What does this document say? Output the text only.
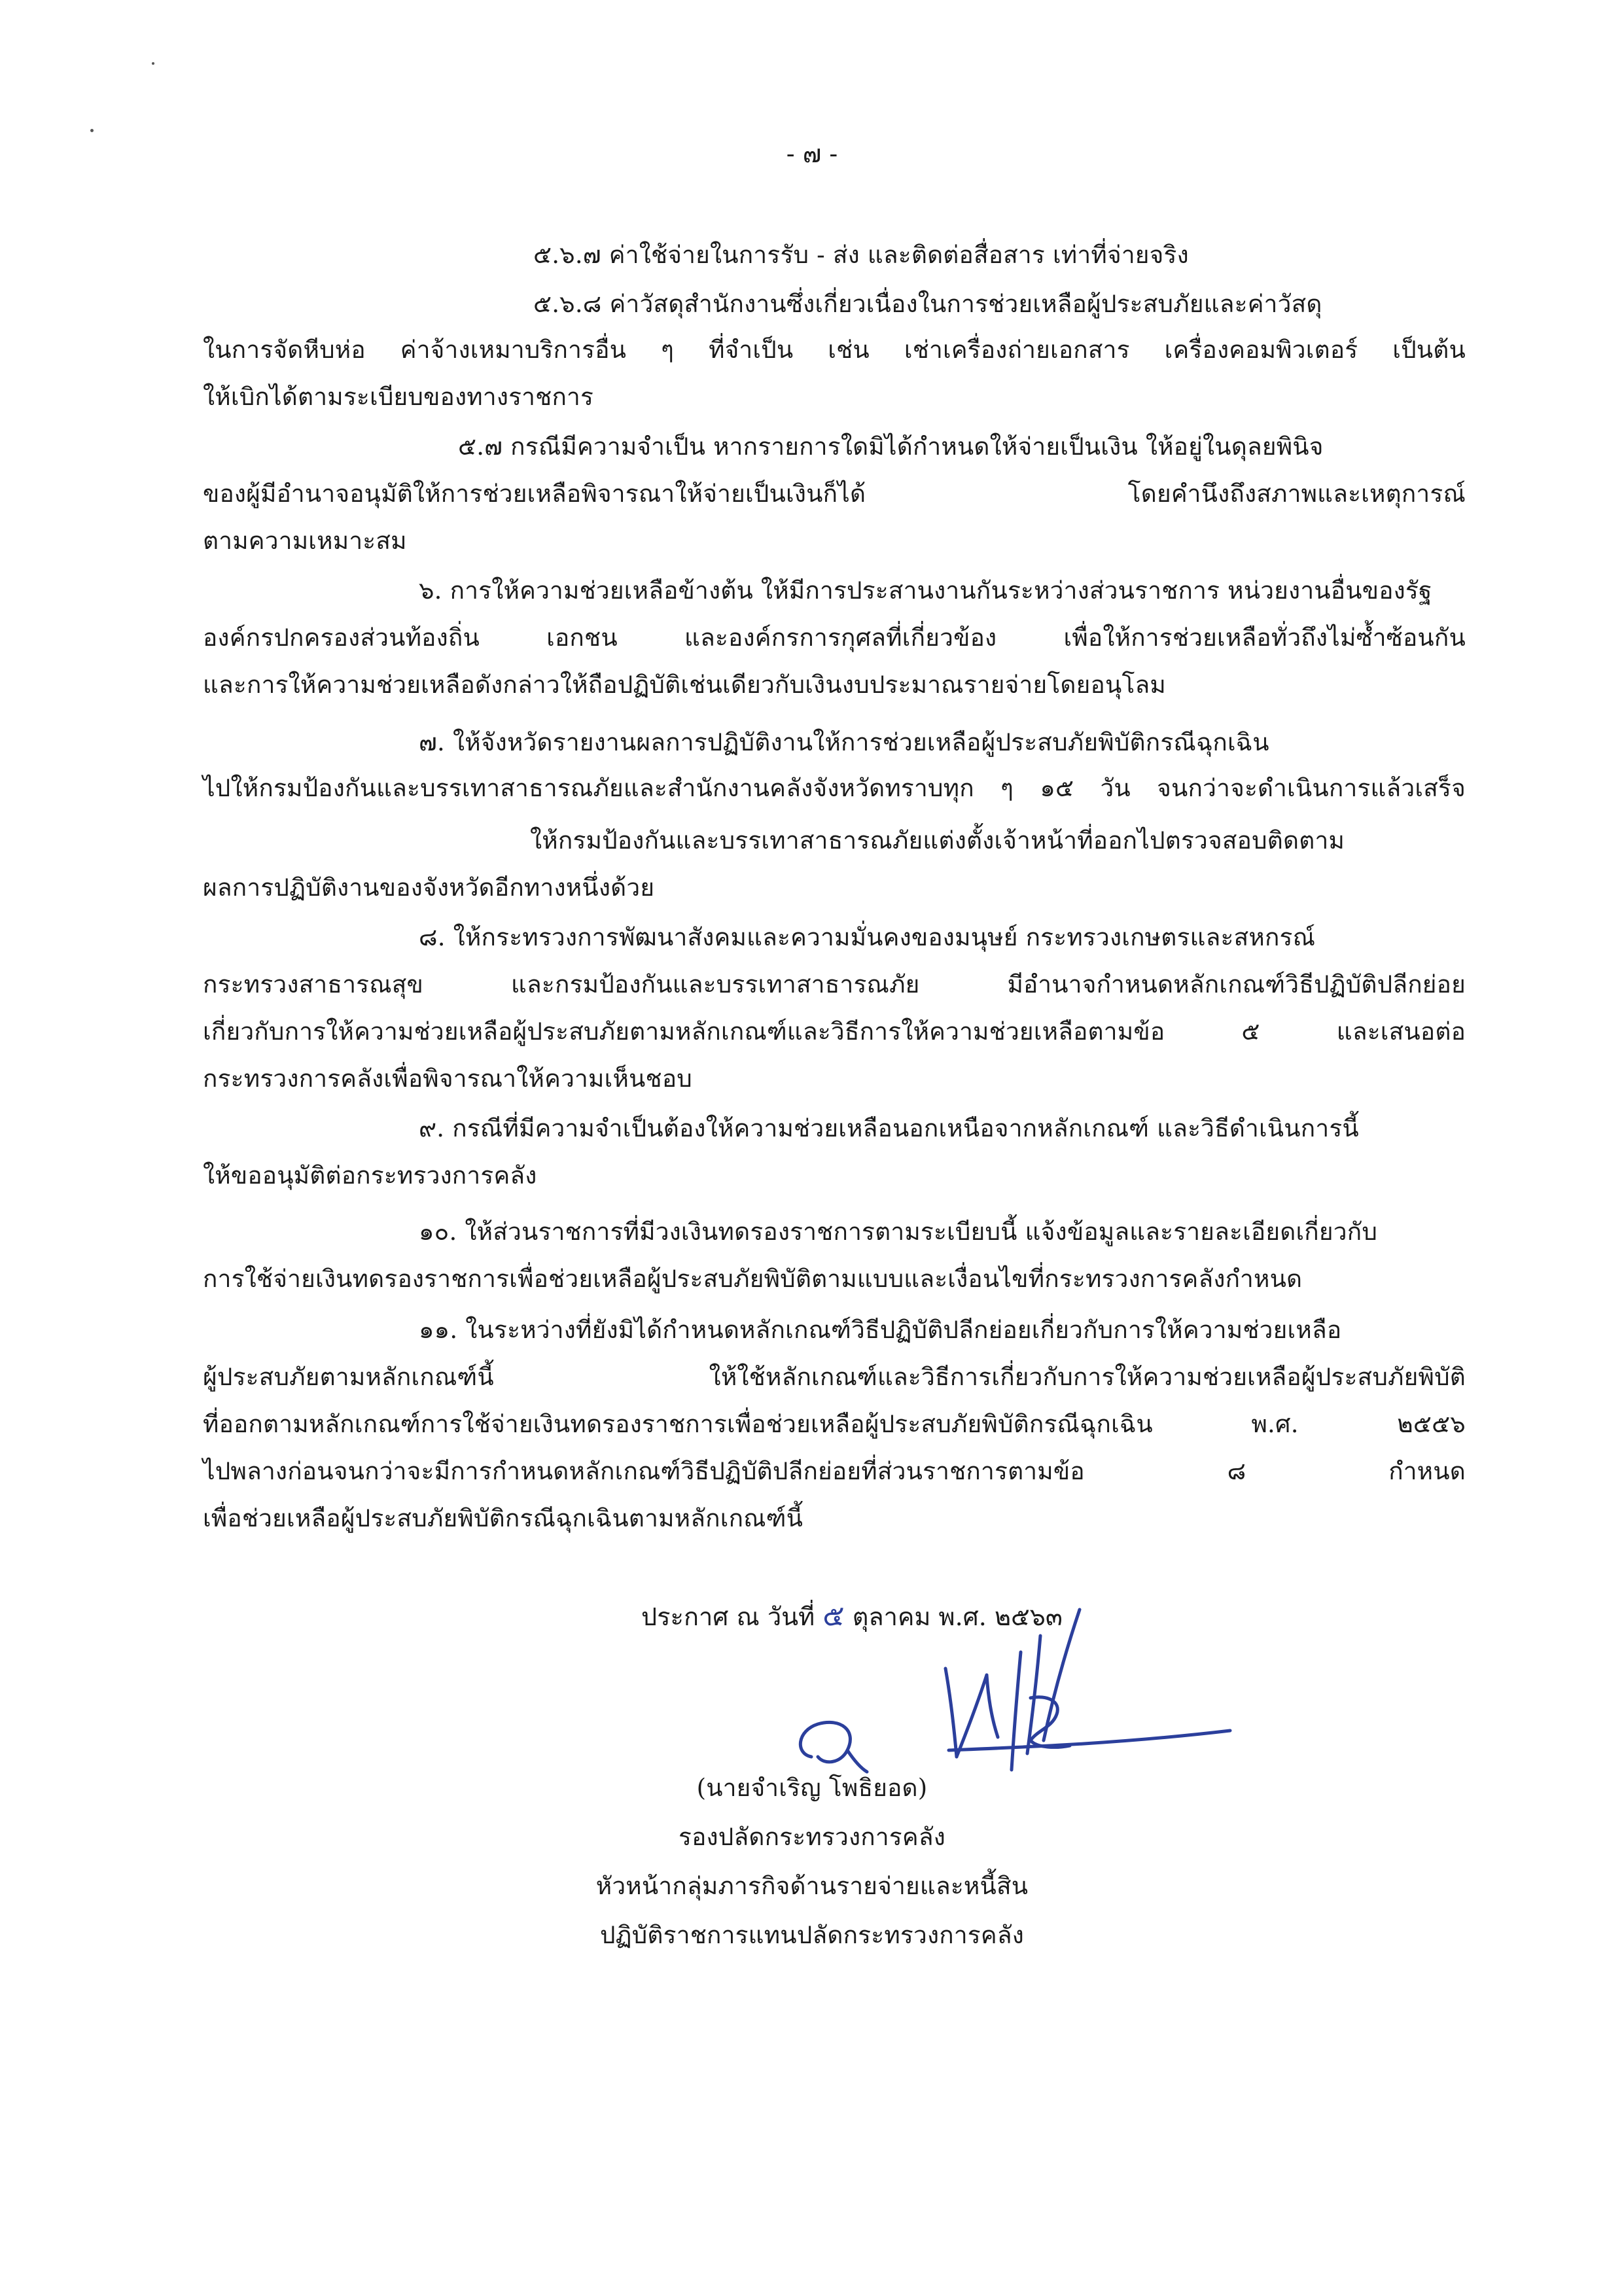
- ๗ -

๕.๖.๗ ค่าใช้จ่ายในการรับ - ส่ง และติดต่อสื่อสาร เท่าที่จ่ายจริง

๕.๖.๘ ค่าวัสดุสำนักงานซึ่งเกี่ยวเนื่องในการช่วยเหลือผู้ประสบภัยและค่าวัสดุ

ในการจัดหีบห่อ ค่าจ้างเหมาบริการอื่น ๆ ที่จำเป็น เช่น เช่าเครื่องถ่ายเอกสาร เครื่องคอมพิวเตอร์ เป็นต้น

ให้เบิกได้ตามระเบียบของทางราชการ

๕.๗ กรณีมีความจำเป็น หากรายการใดมิได้กำหนดให้จ่ายเป็นเงิน ให้อยู่ในดุลยพินิจ

ของผู้มีอำนาจอนุมัติให้การช่วยเหลือพิจารณาให้จ่ายเป็นเงินก็ได้ โดยคำนึงถึงสภาพและเหตุการณ์

ตามความเหมาะสม

๖. การให้ความช่วยเหลือข้างต้น ให้มีการประสานงานกันระหว่างส่วนราชการ หน่วยงานอื่นของรัฐ

องค์กรปกครองส่วนท้องถิ่น เอกชน และองค์กรการกุศลที่เกี่ยวข้อง เพื่อให้การช่วยเหลือทั่วถึงไม่ซ้ำซ้อนกัน

และการให้ความช่วยเหลือดังกล่าวให้ถือปฏิบัติเช่นเดียวกับเงินงบประมาณรายจ่ายโดยอนุโลม

๗. ให้จังหวัดรายงานผลการปฏิบัติงานให้การช่วยเหลือผู้ประสบภัยพิบัติกรณีฉุกเฉิน

ไปให้กรมป้องกันและบรรเทาสาธารณภัยและสำนักงานคลังจังหวัดทราบทุก ๆ ๑๕ วัน จนกว่าจะดำเนินการแล้วเสร็จ

ให้กรมป้องกันและบรรเทาสาธารณภัยแต่งตั้งเจ้าหน้าที่ออกไปตรวจสอบติดตาม

ผลการปฏิบัติงานของจังหวัดอีกทางหนึ่งด้วย

๘. ให้กระทรวงการพัฒนาสังคมและความมั่นคงของมนุษย์ กระทรวงเกษตรและสหกรณ์

กระทรวงสาธารณสุข และกรมป้องกันและบรรเทาสาธารณภัย มีอำนาจกำหนดหลักเกณฑ์วิธีปฏิบัติปลีกย่อย

เกี่ยวกับการให้ความช่วยเหลือผู้ประสบภัยตามหลักเกณฑ์และวิธีการให้ความช่วยเหลือตามข้อ ๕ และเสนอต่อ

กระทรวงการคลังเพื่อพิจารณาให้ความเห็นชอบ

๙. กรณีที่มีความจำเป็นต้องให้ความช่วยเหลือนอกเหนือจากหลักเกณฑ์ และวิธีดำเนินการนี้

ให้ขออนุมัติต่อกระทรวงการคลัง

๑๐. ให้ส่วนราชการที่มีวงเงินทดรองราชการตามระเบียบนี้ แจ้งข้อมูลและรายละเอียดเกี่ยวกับ

การใช้จ่ายเงินทดรองราชการเพื่อช่วยเหลือผู้ประสบภัยพิบัติตามแบบและเงื่อนไขที่กระทรวงการคลังกำหนด

๑๑. ในระหว่างที่ยังมิได้กำหนดหลักเกณฑ์วิธีปฏิบัติปลีกย่อยเกี่ยวกับการให้ความช่วยเหลือ

ผู้ประสบภัยตามหลักเกณฑ์นี้ ให้ใช้หลักเกณฑ์และวิธีการเกี่ยวกับการให้ความช่วยเหลือผู้ประสบภัยพิบัติ

ที่ออกตามหลักเกณฑ์การใช้จ่ายเงินทดรองราชการเพื่อช่วยเหลือผู้ประสบภัยพิบัติกรณีฉุกเฉิน พ.ศ. ๒๕๕๖

ไปพลางก่อนจนกว่าจะมีการกำหนดหลักเกณฑ์วิธีปฏิบัติปลีกย่อยที่ส่วนราชการตามข้อ ๘ กำหนด

เพื่อช่วยเหลือผู้ประสบภัยพิบัติกรณีฉุกเฉินตามหลักเกณฑ์นี้

ประกาศ ณ วันที่ ๕ ตุลาคม พ.ศ. ๒๕๖๓
(นายจำเริญ โพธิยอด)
รองปลัดกระทรวงการคลัง
หัวหน้ากลุ่มภารกิจด้านรายจ่ายและหนี้สิน
ปฏิบัติราชการแทนปลัดกระทรวงการคลัง
